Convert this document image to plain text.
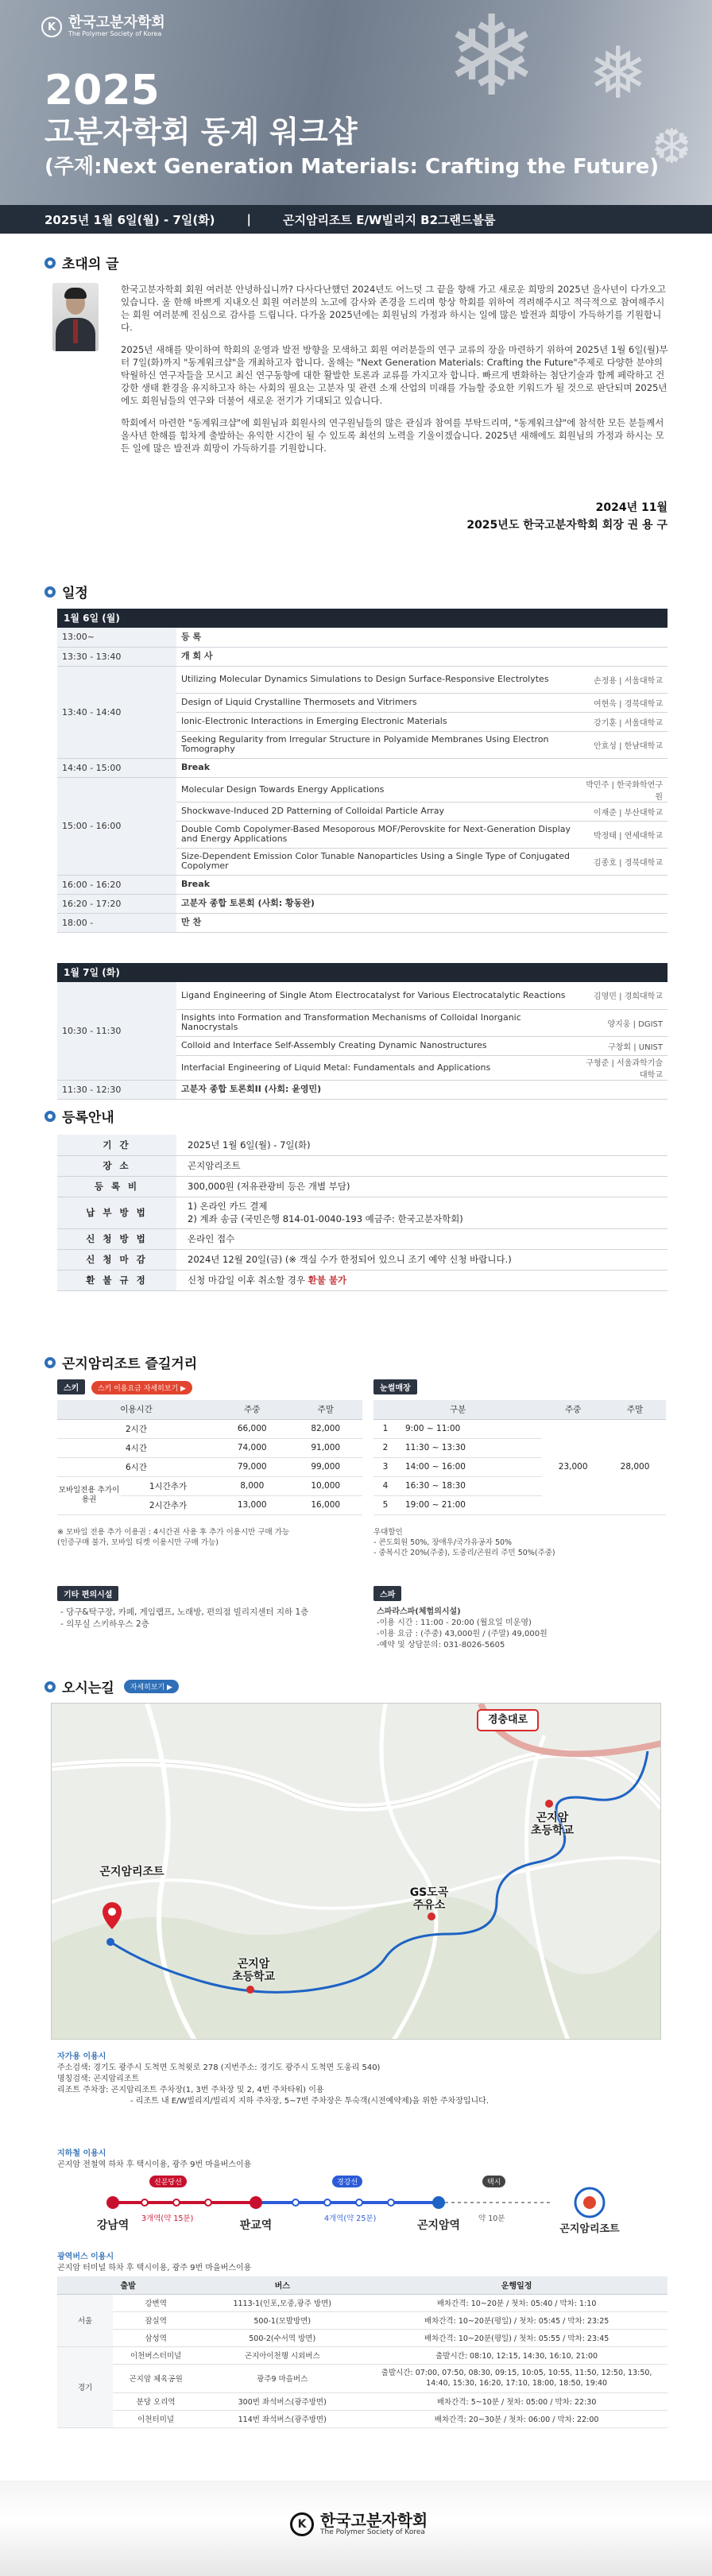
❄ ❅
❆
K 한국고분자학회
The Polymer Society of Korea
2025
고분자학회 동계 워크샵
(주제:Next Generation Materials: Crafting the Future)
2025년 1월 6일(월) - 7일(화)	|	곤지암리조트 E/W빌리지 B2그랜드볼룸
초대의 글

한국고분자학회 회원 여러분 안녕하십니까? 다사다난했던 2024년도 어느덧 그 끝을 향해 가고 새로운 희망의 2025년 을사년이 다가오고 있습니다. 올 한해 바쁘게 지내오신 회원 여러분의 노고에 감사와 존경을 드리며 항상 학회를 위하여 격려해주시고 적극적으로 참여해주시는 회원 여러분께 진심으로 감사를 드립니다. 다가올 2025년에는 회원님의 가정과 하시는 일에 많은 발전과 희망이 가득하기를 기원합니다.

2025년 새해를 맞이하여 학회의 운영과 발전 방향을 모색하고 회원 여러분들의 연구 교류의 장을 마련하기 위하여 2025년 1월 6일(월)부터 7일(화)까지 "동계워크샵"을 개최하고자 합니다. 올해는 "Next Generation Materials: Crafting the Future"주제로 다양한 분야의 탁월하신 연구자들을 모시고 최신 연구동향에 대한 활발한 토론과 교류를 가지고자 합니다. 빠르게 변화하는 첨단기술과 함께 페락하고 건강한 생태 환경을 유지하고자 하는 사회의 필요는 고분자 및 관련 소재 산업의 미래를 가늠할 중요한 키워드가 될 것으로 판단되며 2025년에도 회원님들의 연구와 더불어 새로운 전기가 기대되고 있습니다.

학회에서 마련한 "동계워크샵"에 회원님과 회원사의 연구원님들의 많은 관심과 참여를 부탁드리며, "동계워크샵"에 참석한 모든 분들께서 올사년 한해를 힘차게 출발하는 유익한 시간이 될 수 있도록 최선의 노력을 기울이겠습니다. 2025년 새해에도 회원님의 가정과 하시는 모든 일에 많은 발전과 희망이 가득하기를 기원합니다.

2024년 11월
2025년도 한국고분자학회 회장 권 용 구
일정
1월 6일 (월)
13:00~	등 록	
13:30 - 13:40	개 회 사	
13:40 - 14:40	Utilizing Molecular Dynamics Simulations to Design Surface-Responsive Electrolytes	손정용 | 서울대학교
	Design of Liquid Crystalline Thermosets and Vitrimers	여현욱 | 경북대학교
	Ionic-Electronic Interactions in Emerging Electronic Materials	강기훈 | 서울대학교
	Seeking Regularity from Irregular Structure in Polyamide Membranes Using Electron Tomography	안효성 | 한남대학교
14:40 - 15:00	Break	
15:00 - 16:00	Molecular Design Towards Energy Applications	박민주 | 한국화학연구원
	Shockwave-Induced 2D Patterning of Colloidal Particle Array	이재준 | 부산대학교
	Double Comb Copolymer-Based Mesoporous MOF/Perovskite for Next-Generation Display and Energy Applications	박정태 | 연세대학교
	Size-Dependent Emission Color Tunable Nanoparticles Using a Single Type of Conjugated Copolymer	김종호 | 경북대학교
16:00 - 16:20	Break	
16:20 - 17:20	고분자 종합 토론회 (사회: 황동완)	
18:00 -	만 찬	
1월 7일 (화)
10:30 - 11:30	Ligand Engineering of Single Atom Electrocatalyst for Various Electrocatalytic Reactions	김영민 | 경희대학교
	Insights into Formation and Transformation Mechanisms of Colloidal Inorganic Nanocrystals	양지웅 | DGIST
	Colloid and Interface Self-Assembly Creating Dynamic Nanostructures	구창회 | UNIST
	Interfacial Engineering of Liquid Metal: Fundamentals and Applications	구형준 | 서울과학기술대학교
11:30 - 12:30	고분자 종합 토론회II (사회: 윤영민)	
등록안내
기 간	2025년 1월 6일(월) - 7일(화)
장 소	곤지암리조트
등 록 비	300,000원 (저유관광비 등은 개별 부담)
납 부 방 법	1) 온라인 카드 결제
2) 계좌 송금 (국민은행 814-01-0040-193 예금주: 한국고분자학회)
신 청 방 법	온라인 접수
신 청 마 감	2024년 12월 20일(금) (※ 객실 수가 한정되어 있으니 조기 예약 신청 바랍니다.)
환 불 규 정	신청 마감일 이후 취소할 경우 환불 불가
곤지암리조트 즐길거리
스키	스키 이용요금 자세히보기 ▶
이용시간		주중	주말
2시간		66,000	82,000
4시간		74,000	91,000
6시간		79,000	99,000
모바일전용 추가이용권	1시간추가	8,000	10,000
	2시간추가	13,000	16,000
※ 모바일 전용 추가 이용권 : 4시간권 사용 후 추가 이용시만 구매 가능
(인증구매 불가, 모바일 티켓 이용시만 구매 가능)
눈썰매장
구분		주중	주말
1	9:00 ~ 11:00	23,000	28,000
2	11:30 ~ 13:30		
3	14:00 ~ 16:00		
4	16:30 ~ 18:30		
5	19:00 ~ 21:00		
우대할인
- 콘도회원 50%, 장애우/국가유공자 50%
- 중복시간 20%(주중), 도중리/곤원리 주민 50%(주중)
기타 편의시설
- 당구&탁구장, 카페, 게임랩프, 노래방, 편의점 빌리지센터 지하 1층
- 의무실 스키하우스 2층
스파
스파라스파(체험의시설)
-이용 시간 : 11:00 - 20:00 (월요일 미운영)
-이용 요금 : (주중) 43,000원 / (주말) 49,000원
-예약 및 상담문의: 031-8026-5605
오시는길	자세히보기 ▶
곤지암리조트
GS도곡
주유소
곤지암
초등학교
곤지암
초등학교
경충대로
자가용 이용시
주소검색: 경기도 광주시 도척면 도척윗로 278 (지번주소: 경기도 광주시 도척면 도웅리 540)
명칭검색: 곤지암리조트
리조트 주차장: 곤지암리조트 주차장(1, 3번 주차장 및 2, 4번 주차타워) 이용
- 리조트 내 E/W빌리지/빌리지 지하 주차장, 5~7번 주차장은 투숙객(시전예약제)을 위한 주차장입니다.
지하철 이용시
곤지암 전철역 하차 후 택시이용, 광주 9번 마을버스이용
신분당선	경강선	택시
3개역(약 15분)	4개역(약 25분)	약 10분
강남역	판교역	곤지암역	곤지암리조트
광역버스 이용시
곤지암 터미널 하차 후 택시이용, 광주 9번 마을버스이용
출발		버스	운행일정
서울	강변역	1113-1(인포,모중,광주 방면)	배차간격: 10~20분 / 첫차: 05:40 / 막차: 1:10
	잠실역	500-1(모발방면)	배차간격: 10~20분(평일) / 첫차: 05:45 / 막차: 23:25
	삼성역	500-2(수서역 방면)	배차간격: 10~20분(평일) / 첫차: 05:55 / 막차: 23:45
경기	이천버스터미널	곤지아이천행 시외버스	출발시간: 08:10, 12:15, 14:30, 16:10, 21:00
	곤지암 체육공원	광주9 마을버스	출발시간: 07:00, 07:50, 08:30, 09:15, 10:05, 10:55, 11:50, 12:50, 13:50, 14:40, 15:30, 16:20, 17:10, 18:00, 18:50, 19:40
	분당 오리역	300번 좌석버스(광주방면)	배차간격: 5~10분 / 첫차: 05:00 / 막차: 22:30
	이천터미널	114번 좌석버스(광주방면)	배차간격: 20~30분 / 첫차: 06:00 / 막차: 22:00
K 한국고분자학회
The Polymer Society of Korea
